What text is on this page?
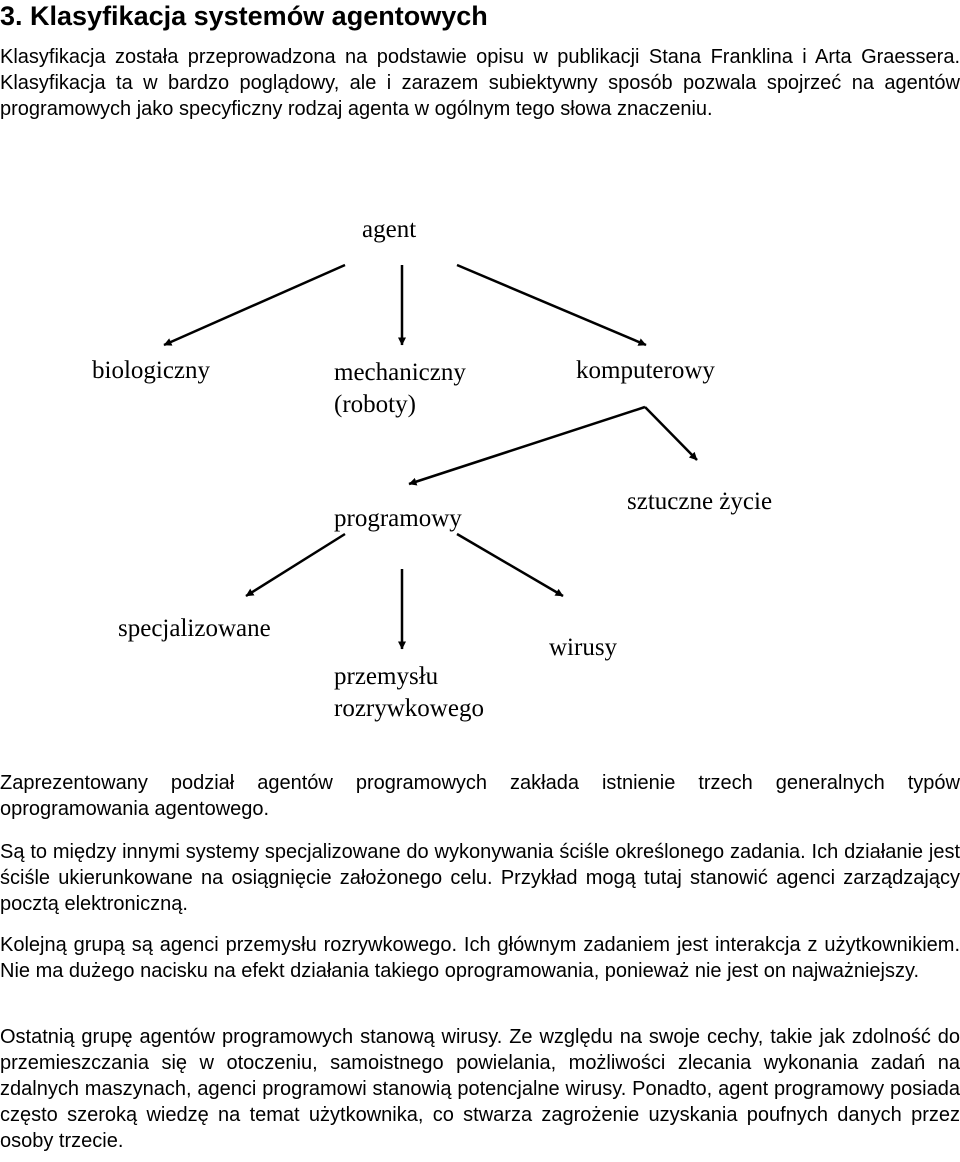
3. Klasyfikacja systemów agentowych

Klasyfikacja została przeprowadzona na podstawie opisu w publikacji Stana Franklina i Arta Graessera. Klasyfikacja ta w bardzo poglądowy, ale i zarazem subiektywny sposób pozwala spojrzeć na agentów programowych jako specyficzny rodzaj agenta w ogólnym tego słowa znaczeniu.

agent
biologiczny	mechaniczny
(roboty)
komputerowy
programowy
sztuczne życie
specjalizowane
przemysłu
rozrywkowego
wirusy

Zaprezentowany podział agentów programowych zakłada istnienie trzech generalnych typów oprogramowania agentowego.

Są to między innymi systemy specjalizowane do wykonywania ściśle określonego zadania. Ich działanie jest ściśle ukierunkowane na osiągnięcie założonego celu. Przykład mogą tutaj stanowić agenci zarządzający pocztą elektroniczną.

Kolejną grupą są agenci przemysłu rozrywkowego. Ich głównym zadaniem jest interakcja z użytkownikiem. Nie ma dużego nacisku na efekt działania takiego oprogramowania, ponieważ nie jest on najważniejszy.

Ostatnią grupę agentów programowych stanową wirusy. Ze względu na swoje cechy, takie jak zdolność do przemieszczania się w otoczeniu, samoistnego powielania, możliwości zlecania wykonania zadań na zdalnych maszynach, agenci programowi stanowią potencjalne wirusy. Ponadto, agent programowy posiada często szeroką wiedzę na temat użytkownika, co stwarza zagrożenie uzyskania poufnych danych przez osoby trzecie.
